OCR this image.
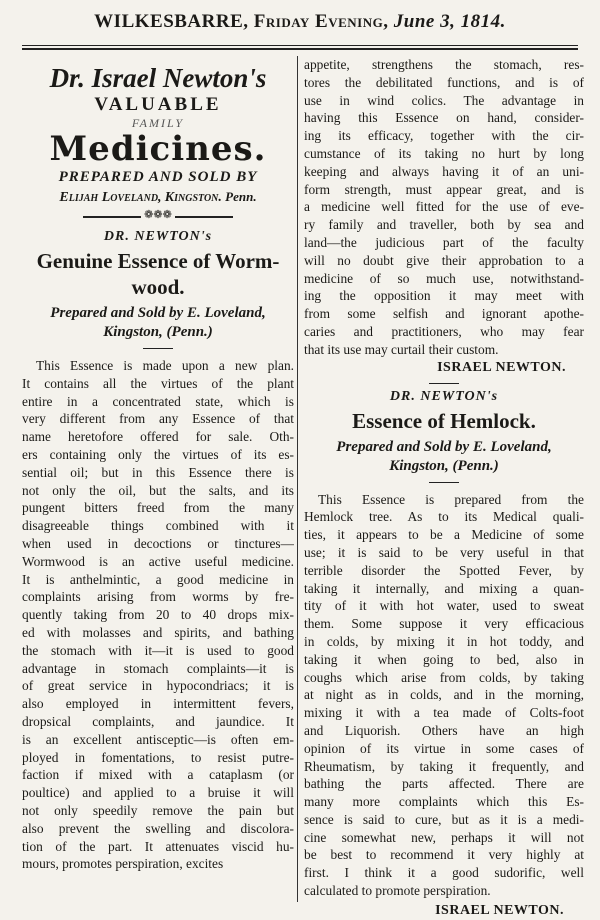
WILKESBARRE, Friday Evening, June 3, 1814.
Dr. Israel Newton's
VALUABLE
FAMILY
Medicines.
PREPARED AND SOLD BY
Elijah Loveland, Kingston. Penn.
❁❁❁
DR. NEWTON's
Genuine Essence of Worm-
wood.
Prepared and Sold by E. Loveland,
Kingston, (Penn.)
This Essence is made upon a new plan.
It contains all the virtues of the plant
entire in a concentrated state, which is
very different from any Essence of that
name heretofore offered for sale. Oth-
ers containing only the virtues of its es-
sential oil; but in this Essence there is
not only the oil, but the salts, and its
pungent bitters freed from the many
disagreeable things combined with it
when used in decoctions or tinctures—
Wormwood is an active useful medicine.
It is anthelmintic, a good medicine in
complaints arising from worms by fre-
quently taking from 20 to 40 drops mix-
ed with molasses and spirits, and bathing
the stomach with it—it is used to good
advantage in stomach complaints—it is
of great service in hypocondriacs; it is
also employed in intermittent fevers,
dropsical complaints, and jaundice. It
is an excellent antisceptic—is often em-
ployed in fomentations, to resist putre-
faction if mixed with a cataplasm (or
poultice) and applied to a bruise it will
not only speedily remove the pain but
also prevent the swelling and discolora-
tion of the part. It attenuates viscid hu-
mours, promotes perspiration, excites
appetite, strengthens the stomach, res-
tores the debilitated functions, and is of
use in wind colics. The advantage in
having this Essence on hand, consider-
ing its efficacy, together with the cir-
cumstance of its taking no hurt by long
keeping and always having it of an uni-
form strength, must appear great, and is
a medicine well fitted for the use of eve-
ry family and traveller, both by sea and
land—the judicious part of the faculty
will no doubt give their approbation to a
medicine of so much use, notwithstand-
ing the opposition it may meet with
from some selfish and ignorant apothe-
caries and practitioners, who may fear
that its use may curtail their custom.
ISRAEL NEWTON.
DR. NEWTON's
Essence of Hemlock.
Prepared and Sold by E. Loveland,
Kingston, (Penn.)
This Essence is prepared from the
Hemlock tree. As to its Medical quali-
ties, it appears to be a Medicine of some
use; it is said to be very useful in that
terrible disorder the Spotted Fever, by
taking it internally, and mixing a quan-
tity of it with hot water, used to sweat
them. Some suppose it very efficacious
in colds, by mixing it in hot toddy, and
taking it when going to bed, also in
coughs which arise from colds, by taking
at night as in colds, and in the morning,
mixing it with a tea made of Colts-foot
and Liquorish. Others have an high
opinion of its virtue in some cases of
Rheumatism, by taking it frequently, and
bathing the parts affected. There are
many more complaints which this Es-
sence is said to cure, but as it is a medi-
cine somewhat new, perhaps it will not
be best to recommend it very highly at
first. I think it a good sudorific, well
calculated to promote perspiration.
ISRAEL NEWTON.
